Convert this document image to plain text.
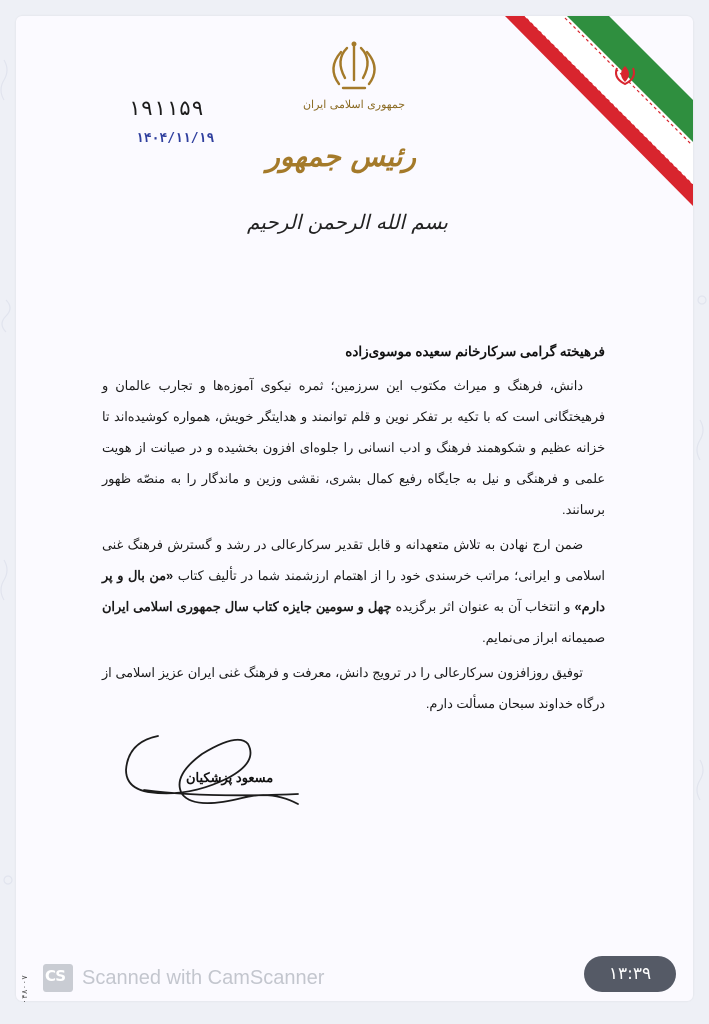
جمهوری اسلامی ایران
رئیس جمهور
۱۹۱۱۵۹
۱۴۰۴/۱۱/۱۹
بسم الله الرحمن الرحیم
فرهیخته گرامی سرکارخانم سعیده موسوی‌زاده

دانش، فرهنگ و میراث مکتوب این سرزمین؛ ثمره نیکوی آموزه‌ها و تجارب عالمان و فرهیختگانی است که با تکیه بر تفکر نوین و قلم توانمند و هدایتگر خویش، همواره کوشیده‌اند تا خزانه عظیم و شکوهمند فرهنگ و ادب انسانی را جلوه‌ای افزون بخشیده و در صیانت از هویت علمی و فرهنگی و نیل به جایگاه رفیع کمال بشری، نقشی وزین و ماندگار را به منصّه ظهور برسانند.

ضمن ارج نهادن به تلاش متعهدانه و قابل تقدیر سرکارعالی در رشد و گسترش فرهنگ غنی اسلامی و ایرانی؛ مراتب خرسندی خود را از اهتمام ارزشمند شما در تألیف کتاب «من بال و پر دارم» و انتخاب آن به عنوان اثر برگزیده چهل و سومین جایزه کتاب سال جمهوری اسلامی ایران صمیمانه ابراز می‌نمایم.

توفیق روزافزون سرکارعالی را در ترویج دانش، معرفت و فرهنگ غنی ایران عزیز اسلامی از درگاه خداوند سبحان مسألت دارم.

مسعود پزشکیان
۰۴۸۰۰۷ CS Scanned with CamScanner	۱۳:۳۹
